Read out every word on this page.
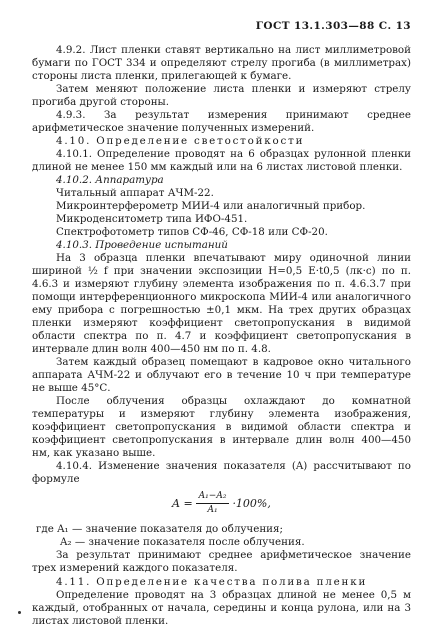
ГОСТ 13.1.303—88 С. 13

4.9.2. Лист пленки ставят вертикально на лист миллиметровой бумаги по ГОСТ 334 и определяют стрелу прогиба (в миллиметрах) стороны листа пленки, прилегающей к бумаге.

Затем меняют положение листа пленки и измеряют стрелу прогиба другой стороны.

4.9.3. За результат измерения принимают среднее арифметическое значение полученных измерений.

4.10. Определение светостойкости

4.10.1. Определение проводят на 6 образцах рулонной пленки длиной не менее 150 мм каждый или на 6 листах листовой пленки.

4.10.2. Аппаратура

Читальный аппарат АЧМ-22.

Микроинтерферометр МИИ-4 или аналогичный прибор.

Микроденситометр типа ИФО-451.

Спектрофотометр типов СФ-46, СФ-18 или СФ-20.

4.10.3. Проведение испытаний

На 3 образца пленки впечатывают миру одиночной линии шириной ½ f при значении экспозиции H=0,5 E·t0,5 (лк·с) по п. 4.6.3 и измеряют глубину элемента изображения по п. 4.6.3.7 при помощи интерференционного микроскопа МИИ-4 или аналогичного ему прибора с погрешностью ±0,1 мкм. На трех других образцах пленки измеряют коэффициент светопропускания в видимой области спектра по п. 4.7 и коэффициент светопропускания в интервале длин волн 400—450 нм по п. 4.8.

Затем каждый образец помещают в кадровое окно читального аппарата АЧМ-22 и облучают его в течение 10 ч при температуре не выше 45°С.

После облучения образцы охлаждают до комнатной температуры и измеряют глубину элемента изображения, коэффициент светопропускания в видимой области спектра и коэффициент светопропускания в интервале длин волн 400—450 нм, как указано выше.

4.10.4. Изменение значения показателя (A) рассчитывают по формуле

$A = \frac{\text{A₁−A₂}}{\text{A₁}} \cdot 100\%$,

где A₁ — значение показателя до облучения;

A₂ — значение показателя после облучения.

За результат принимают среднее арифметическое значение трех измерений каждого показателя.

4.11. Определение качества полива пленки

Определение проводят на 3 образцах длиной не менее 0,5 м каждый, отобранных от начала, середины и конца рулона, или на 3 листах листовой пленки.
